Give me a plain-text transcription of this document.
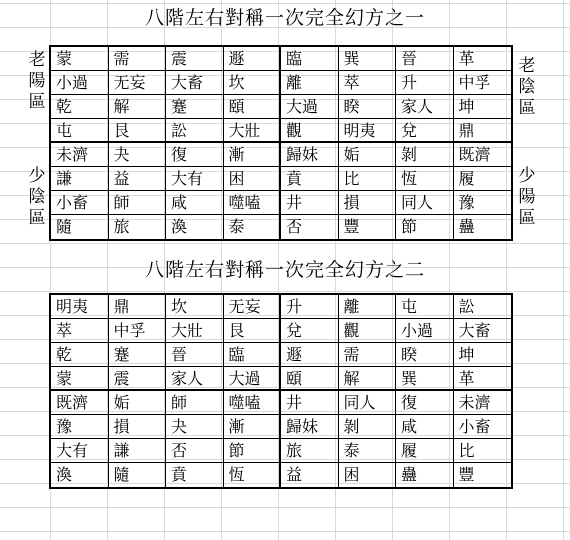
八階左右對稱一次完全幻方之一
老陽區
少陰區
老陰區
少陽區
蒙	需	震	遯	臨	巽	晉	革
小過	无妄	大畜	坎	離	萃	升	中孚
乾	解	蹇	頤	大過	睽	家人	坤
屯	艮	訟	大壯	觀	明夷	兌	鼎
未濟	夬	復	漸	歸妹	姤	剝	既濟
謙	益	大有	困	賁	比	恆	履
小畜	師	咸	噬嗑	井	損	同人	豫
隨	旅	渙	泰	否	豐	節	蠱
八階左右對稱一次完全幻方之二
明夷	鼎	坎	无妄	升	離	屯	訟
萃	中孚	大壯	艮	兌	觀	小過	大畜
乾	蹇	晉	臨	遯	需	睽	坤
蒙	震	家人	大過	頤	解	巽	革
既濟	姤	師	噬嗑	井	同人	復	未濟
豫	損	夬	漸	歸妹	剝	咸	小畜
大有	謙	否	節	旅	泰	履	比
渙	隨	賁	恆	益	困	蠱	豐
